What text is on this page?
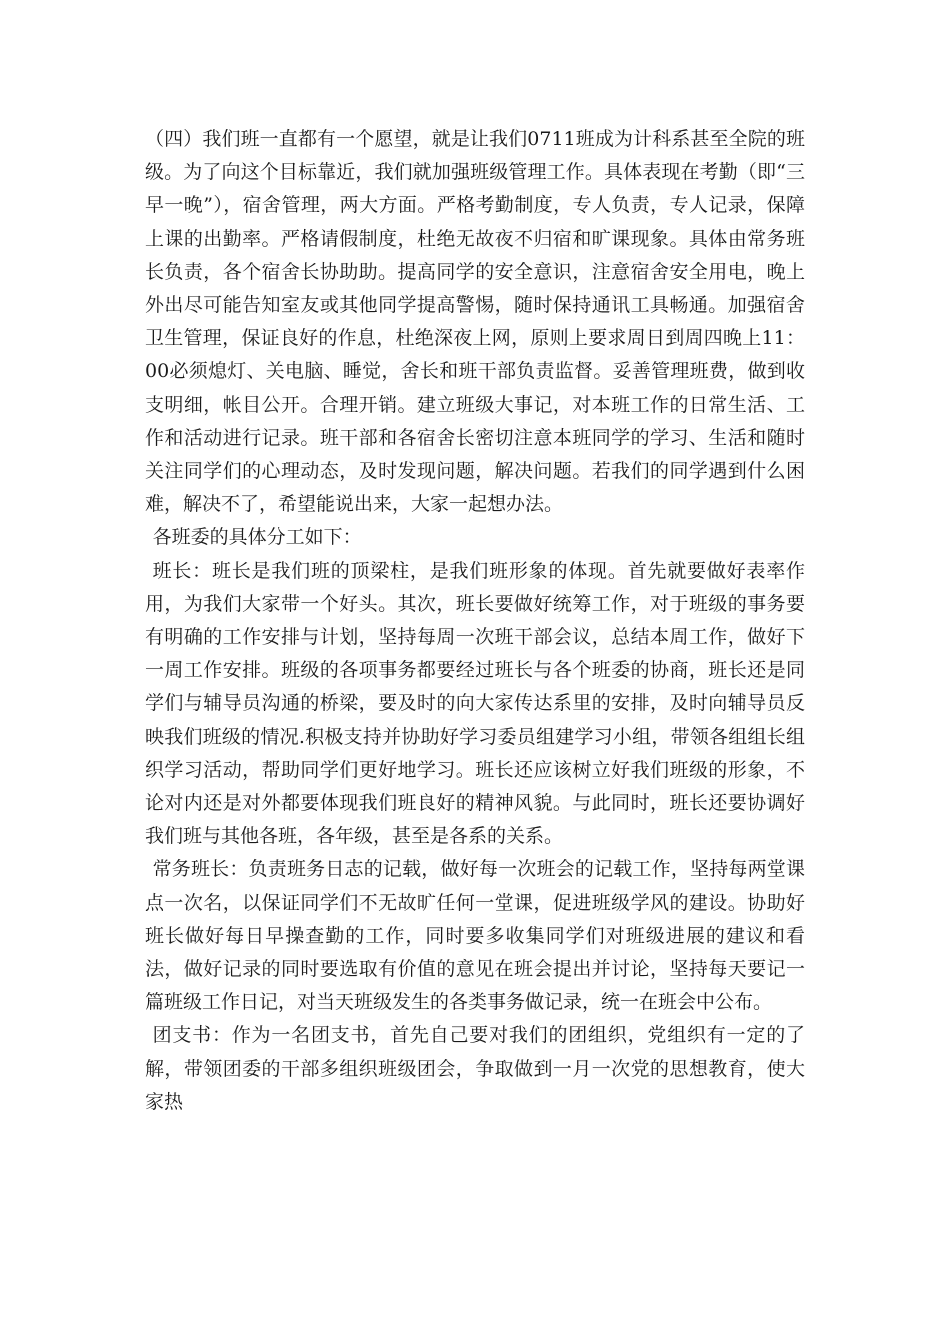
（四）我们班一直都有一个愿望，就是让我们0711班成为计科系甚至全院的班级。为了向这个目标靠近，我们就加强班级管理工作。具体表现在考勤（即“三早一晚”），宿舍管理，两大方面。严格考勤制度，专人负责，专人记录，保障上课的出勤率。严格请假制度，杜绝无故夜不归宿和旷课现象。具体由常务班长负责，各个宿舍长协助助。提高同学的安全意识，注意宿舍安全用电，晚上外出尽可能告知室友或其他同学提高警惕，随时保持通讯工具畅通。加强宿舍卫生管理，保证良好的作息，杜绝深夜上网，原则上要求周日到周四晚上11：00必须熄灯、关电脑、睡觉，舍长和班干部负责监督。妥善管理班费，做到收支明细，帐目公开。合理开销。建立班级大事记，对本班工作的日常生活、工作和活动进行记录。班干部和各宿舍长密切注意本班同学的学习、生活和随时关注同学们的心理动态，及时发现问题，解决问题。若我们的同学遇到什么困难，解决不了，希望能说出来，大家一起想办法。

各班委的具体分工如下：

班长：班长是我们班的顶梁柱，是我们班形象的体现。首先就要做好表率作用，为我们大家带一个好头。其次，班长要做好统筹工作，对于班级的事务要有明确的工作安排与计划，坚持每周一次班干部会议，总结本周工作，做好下一周工作安排。班级的各项事务都要经过班长与各个班委的协商，班长还是同学们与辅导员沟通的桥梁，要及时的向大家传达系里的安排，及时向辅导员反映我们班级的情况.积极支持并协助好学习委员组建学习小组，带领各组组长组织学习活动，帮助同学们更好地学习。班长还应该树立好我们班级的形象，不论对内还是对外都要体现我们班良好的精神风貌。与此同时，班长还要协调好我们班与其他各班，各年级，甚至是各系的关系。

常务班长：负责班务日志的记载，做好每一次班会的记载工作，坚持每两堂课点一次名，以保证同学们不无故旷任何一堂课，促进班级学风的建设。协助好班长做好每日早操查勤的工作，同时要多收集同学们对班级进展的建议和看法，做好记录的同时要选取有价值的意见在班会提出并讨论，坚持每天要记一篇班级工作日记，对当天班级发生的各类事务做记录，统一在班会中公布。

团支书：作为一名团支书，首先自己要对我们的团组织，党组织有一定的了解，带领团委的干部多组织班级团会，争取做到一月一次党的思想教育，使大家热
